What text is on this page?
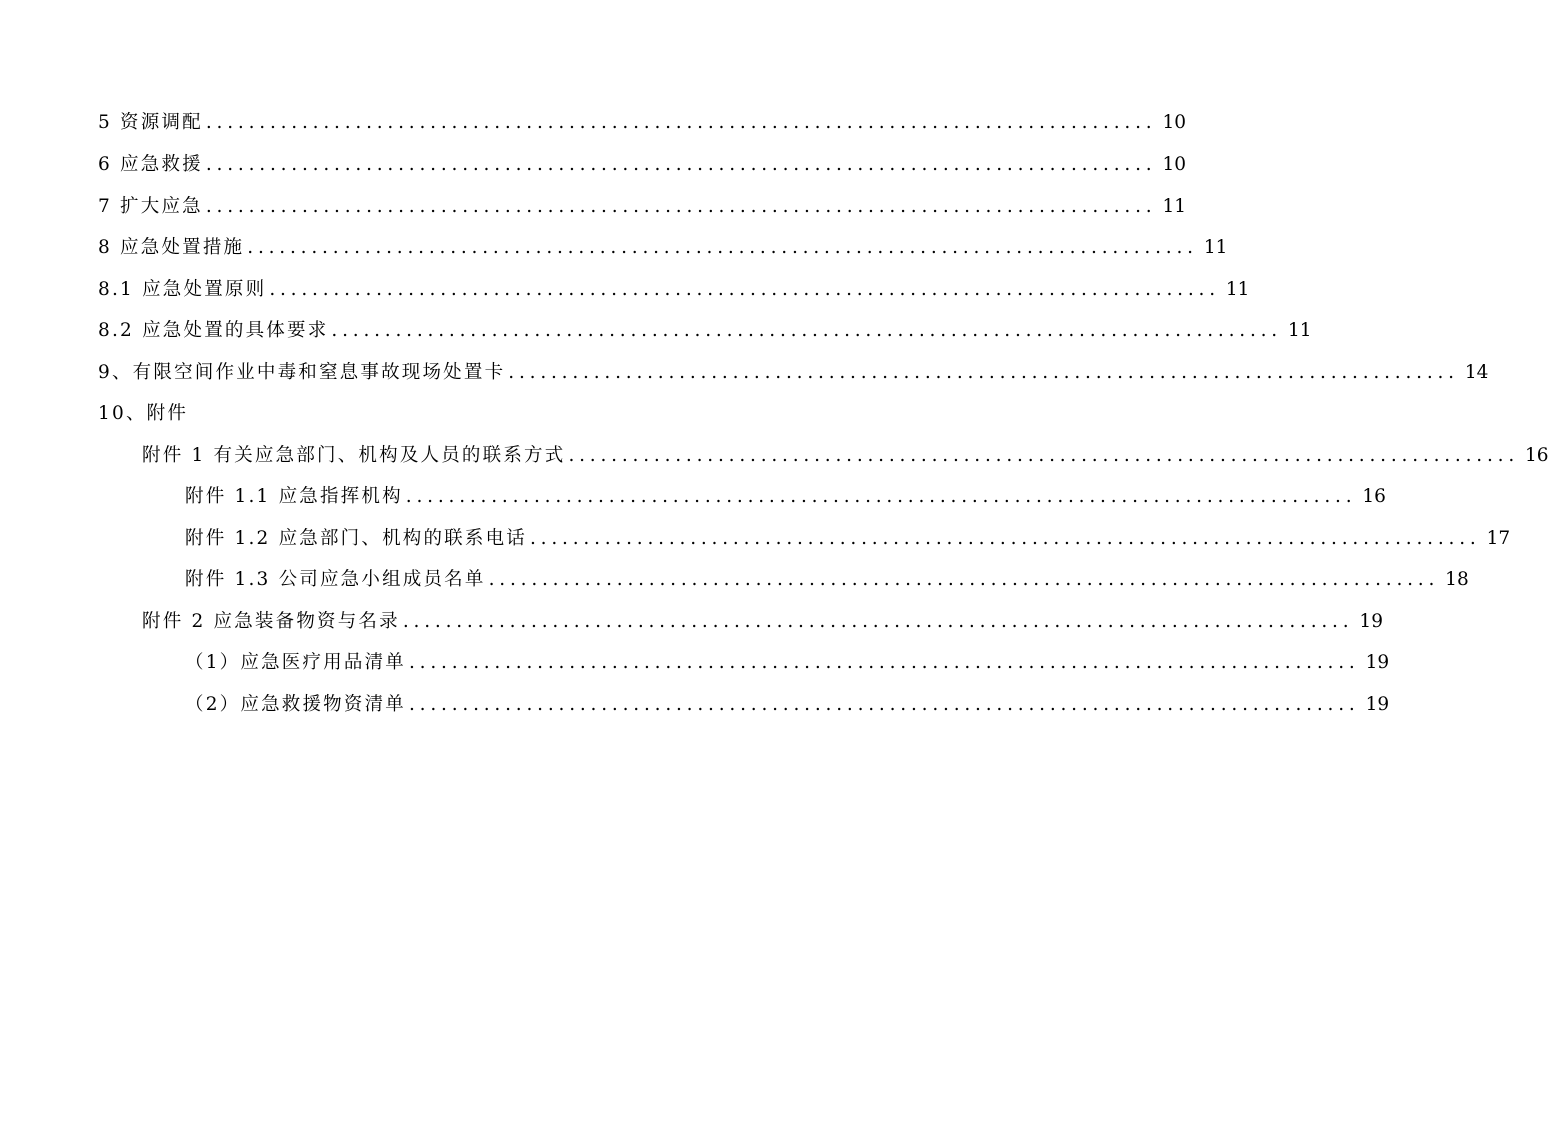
5 资源调配 ......................................................................................... 10
6 应急救援 ......................................................................................... 10
7 扩大应急 ......................................................................................... 11
8 应急处置措施 ......................................................................................... 11
8.1 应急处置原则 ......................................................................................... 11
8.2 应急处置的具体要求 ......................................................................................... 11
9、有限空间作业中毒和窒息事故现场处置卡 ......................................................................................... 14
10、附件
附件 1 有关应急部门、机构及人员的联系方式 ......................................................................................... 16
附件 1.1 应急指挥机构 ......................................................................................... 16
附件 1.2 应急部门、机构的联系电话 ......................................................................................... 17
附件 1.3 公司应急小组成员名单 ......................................................................................... 18
附件 2 应急装备物资与名录 ......................................................................................... 19
（1）应急医疗用品清单 ......................................................................................... 19
（2）应急救援物资清单 ......................................................................................... 19
